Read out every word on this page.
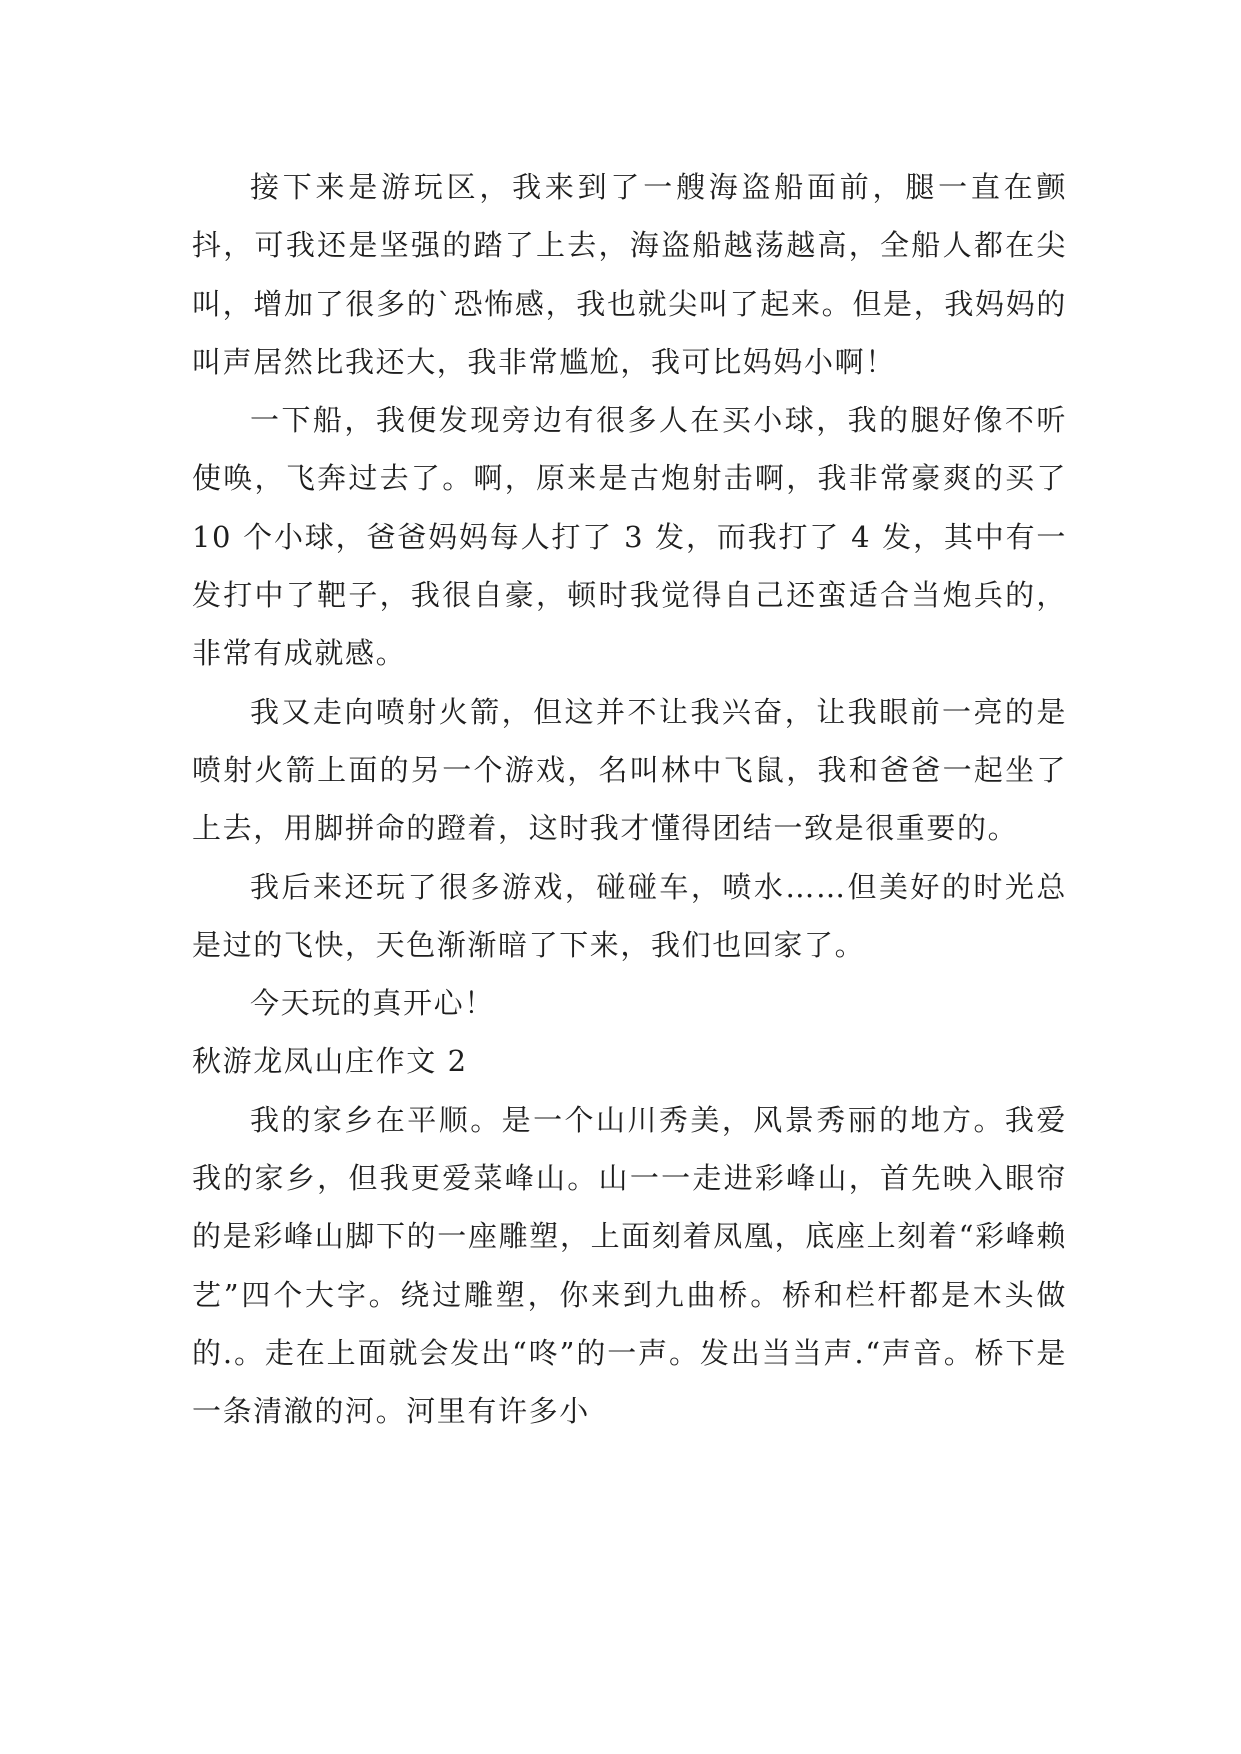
接下来是游玩区，我来到了一艘海盗船面前，腿一直在颤抖，可我还是坚强的踏了上去，海盗船越荡越高，全船人都在尖叫，增加了很多的`恐怖感，我也就尖叫了起来。但是，我妈妈的叫声居然比我还大，我非常尴尬，我可比妈妈小啊！

一下船，我便发现旁边有很多人在买小球，我的腿好像不听使唤，飞奔过去了。啊，原来是古炮射击啊，我非常豪爽的买了 10 个小球，爸爸妈妈每人打了 3 发，而我打了 4 发，其中有一发打中了靶子，我很自豪，顿时我觉得自己还蛮适合当炮兵的，非常有成就感。

我又走向喷射火箭，但这并不让我兴奋，让我眼前一亮的是喷射火箭上面的另一个游戏，名叫林中飞鼠，我和爸爸一起坐了上去，用脚拼命的蹬着，这时我才懂得团结一致是很重要的。

我后来还玩了很多游戏，碰碰车，喷水……但美好的时光总是过的飞快，天色渐渐暗了下来，我们也回家了。

今天玩的真开心！

秋游龙凤山庄作文 2

我的家乡在平顺。是一个山川秀美，风景秀丽的地方。我爱我的家乡，但我更爱菜峰山。山一一走进彩峰山，首先映入眼帘的是彩峰山脚下的一座雕塑，上面刻着凤凰，底座上刻着“彩峰赖艺”四个大字。绕过雕塑，你来到九曲桥。桥和栏杆都是木头做的.。走在上面就会发出“咚”的一声。发出当当声.“声音。桥下是一条清澈的河。河里有许多小
